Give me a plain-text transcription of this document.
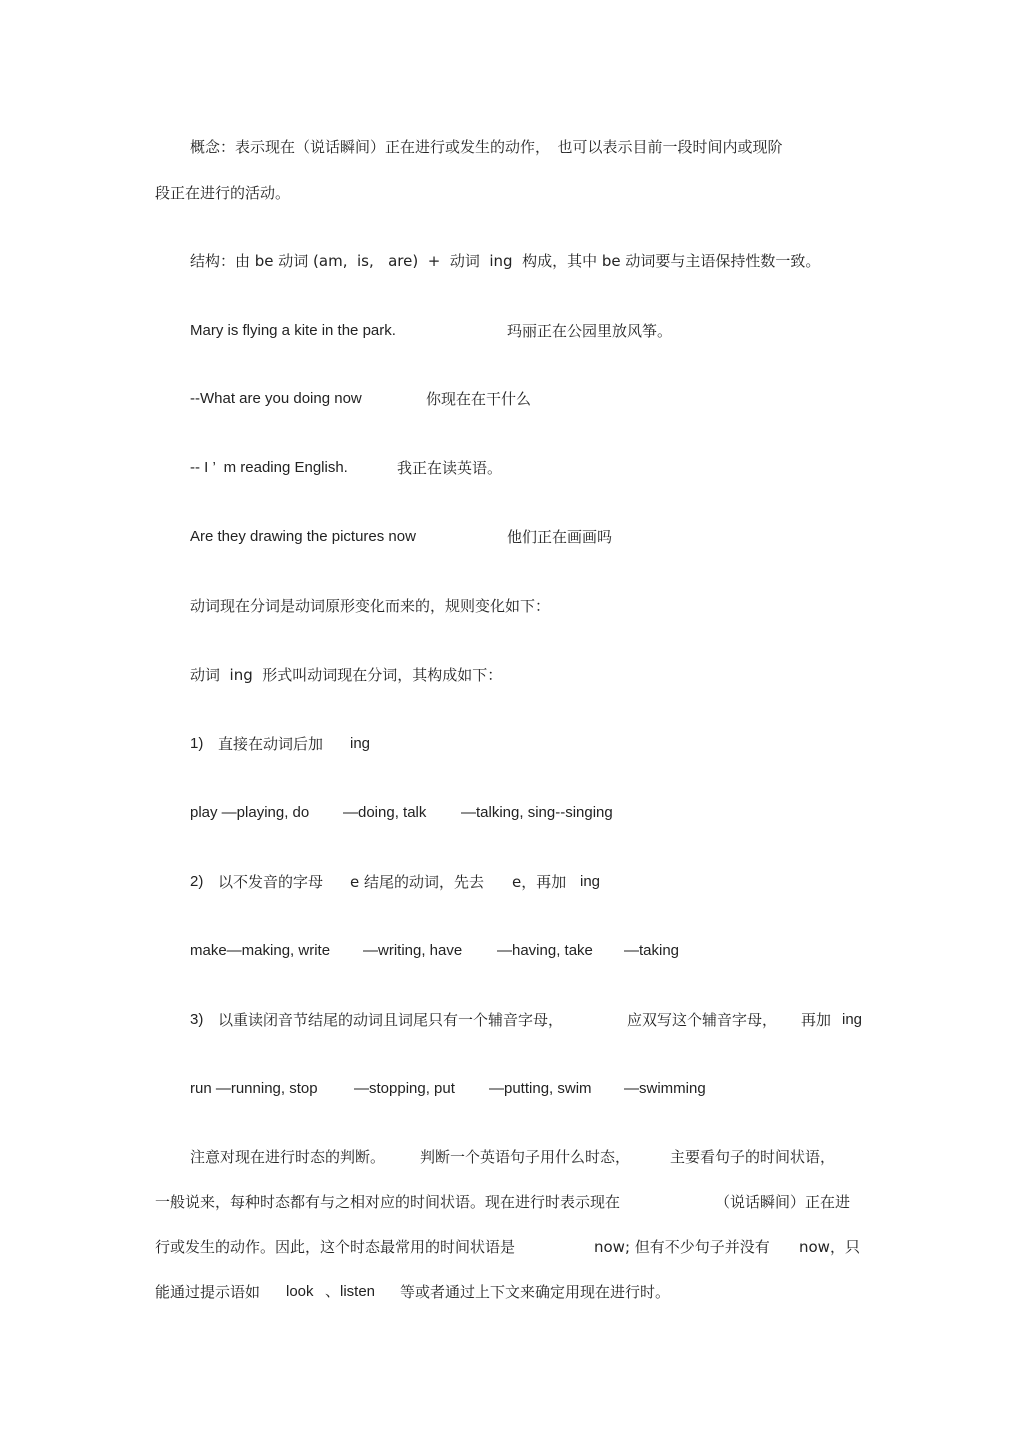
概念：表示现在（说话瞬间）正在进行或发生的动作，　也可以表示目前一段时间内或现阶
段正在进行的活动。
结构：由 be 动词 (am,  is,   are)  +  动词  ing  构成，其中 be 动词要与主语保持性数一致。

Mary is flying a kite in the park.

	玛丽正在公园里放风筝。

--What are you doing now

	你现在在干什么

-- I ’  m reading English.

	我正在读英语。

Are they drawing the pictures now

	他们正在画画吗

动词现在分词是动词原形变化而来的，规则变化如下：
动词  ing  形式叫动词现在分词，其构成如下：

1)

直接在动词后加

ing

play —playing, do

—doing, talk

—talking, sing--singing

2)

以不发音的字母

e 结尾的动词，先去

e，再加

ing

make—making, write

—writing, have

—having, take

—taking

3)

以重读闭音节结尾的动词且词尾只有一个辅音字母，

	应双写这个辅音字母，

再加

ing

run —running, stop

—stopping, put

—putting, swim

—swimming

注意对现在进行时态的判断。

判断一个英语句子用什么时态，

	主要看句子的时间状语，

一般说来，每种时态都有与之相对应的时间状语。现在进行时表示现在

	（说话瞬间）正在进

行或发生的动作。因此，这个时态最常用的时间状语是

	now; 但有不少句子并没有

now，只

能通过提示语如

look

、listen

等或者通过上下文来确定用现在进行时。
